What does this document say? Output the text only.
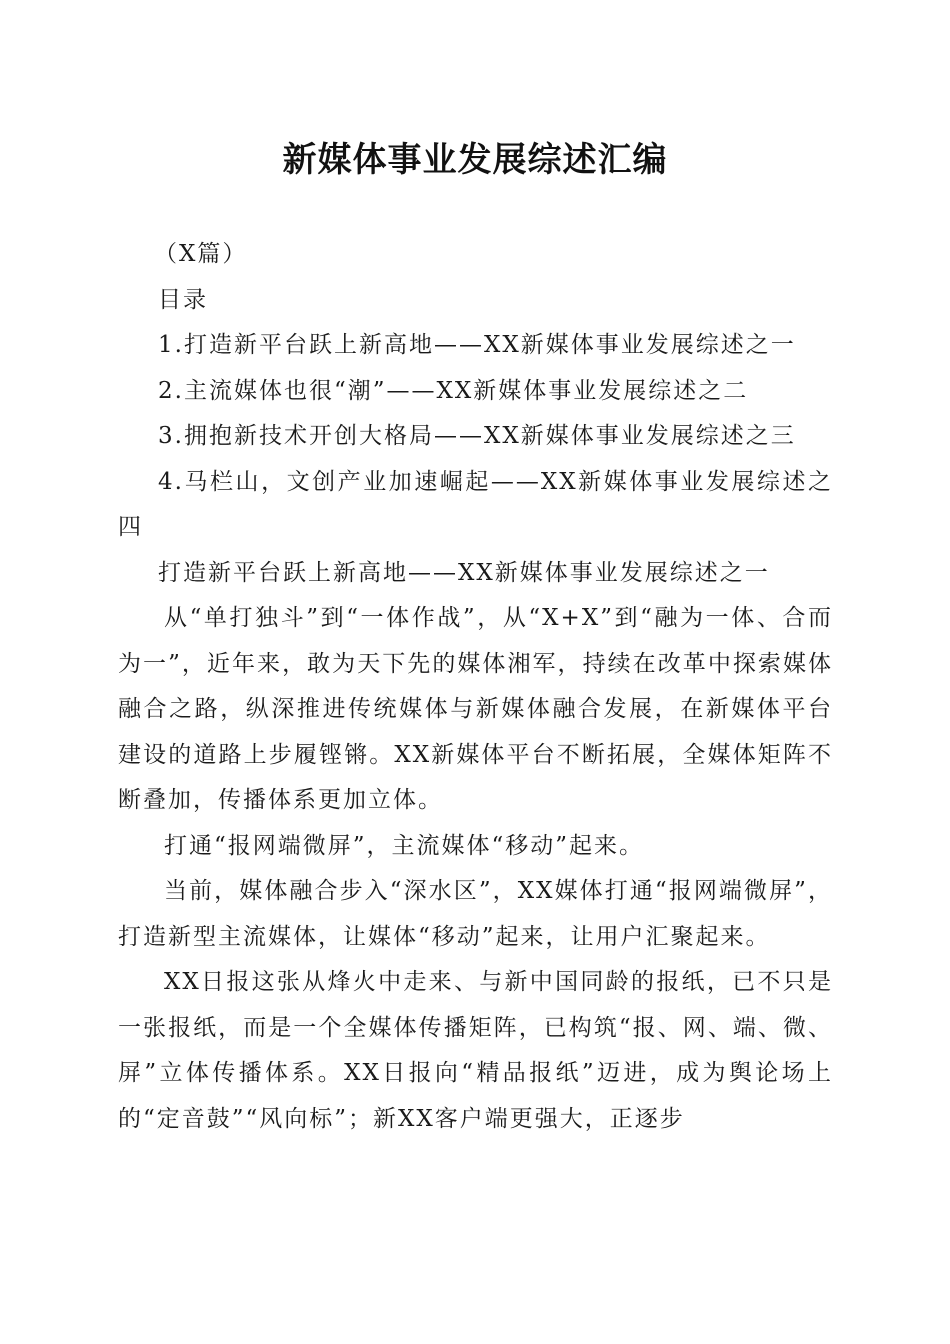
新媒体事业发展综述汇编

（X篇）

目录

1.打造新平台跃上新高地——XX新媒体事业发展综述之一

2.主流媒体也很“潮”——XX新媒体事业发展综述之二

3.拥抱新技术开创大格局——XX新媒体事业发展综述之三

4.马栏山，文创产业加速崛起——XX新媒体事业发展综述之四

打造新平台跃上新高地——XX新媒体事业发展综述之一

从“单打独斗”到“一体作战”，从“X+X”到“融为一体、合而为一”，近年来，敢为天下先的媒体湘军，持续在改革中探索媒体融合之路，纵深推进传统媒体与新媒体融合发展，在新媒体平台建设的道路上步履铿锵。XX新媒体平台不断拓展，全媒体矩阵不断叠加，传播体系更加立体。

打通“报网端微屏”，主流媒体“移动”起来。

当前，媒体融合步入“深水区”，XX媒体打通“报网端微屏”，打造新型主流媒体，让媒体“移动”起来，让用户汇聚起来。

XX日报这张从烽火中走来、与新中国同龄的报纸，已不只是一张报纸，而是一个全媒体传播矩阵，已构筑“报、网、端、微、屏”立体传播体系。XX日报向“精品报纸”迈进，成为舆论场上的“定音鼓”“风向标”；新XX客户端更强大，正逐步
